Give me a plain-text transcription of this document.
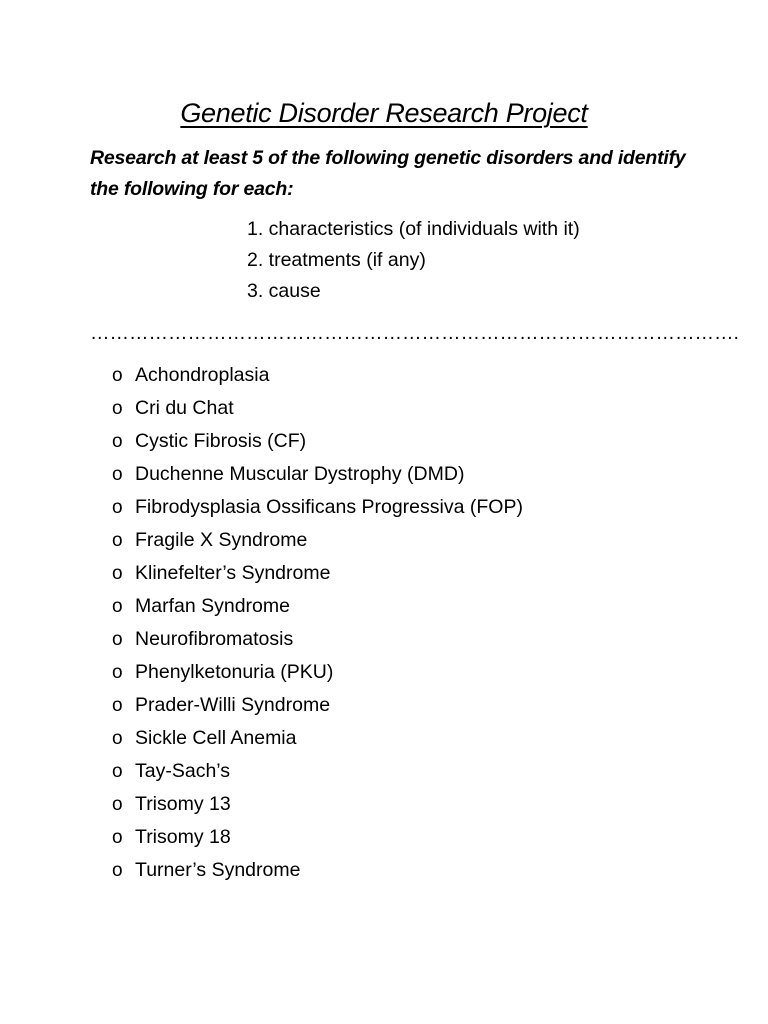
Genetic Disorder Research Project
Research at least 5 of the following genetic disorders and identify the following for each:
1. characteristics (of individuals with it)
2. treatments (if any)
3. cause
……………………………………………………………………………………….
o Achondroplasia
o Cri du Chat
o Cystic Fibrosis (CF)
o Duchenne Muscular Dystrophy (DMD)
o Fibrodysplasia Ossificans Progressiva (FOP)
o Fragile X Syndrome
o Klinefelter’s Syndrome
o Marfan Syndrome
o Neurofibromatosis
o Phenylketonuria (PKU)
o Prader-Willi Syndrome
o Sickle Cell Anemia
o Tay-Sach’s
o Trisomy 13
o Trisomy 18
o Turner’s Syndrome
